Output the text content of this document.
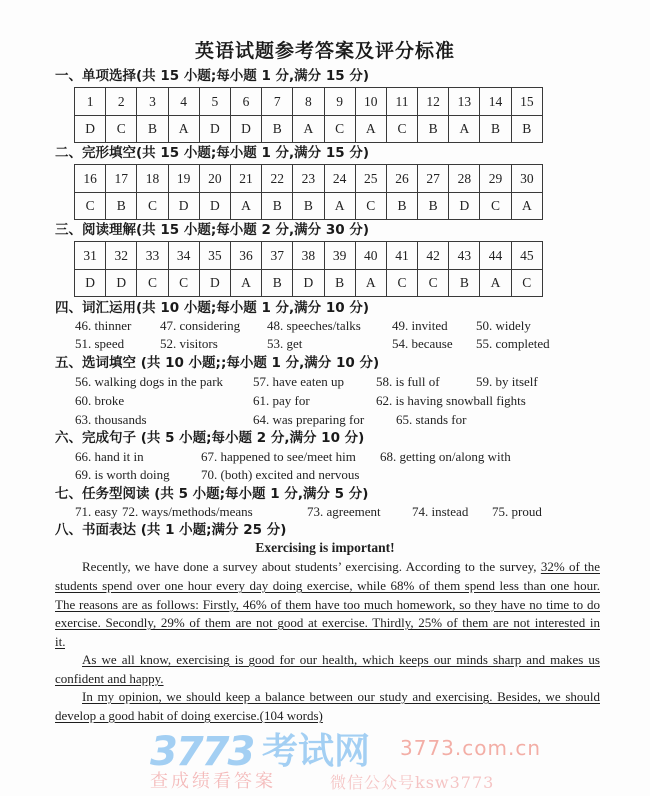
英语试题参考答案及评分标准
一、单项选择(共 15 小题;每小题 1 分,满分 15 分)
1	2	3	4	5	6	7	8	9	10	11	12	13	14	15
D	C	B	A	D	D	B	A	C	A	C	B	A	B	B
二、完形填空(共 15 小题;每小题 1 分,满分 15 分)
16	17	18	19	20	21	22	23	24	25	26	27	28	29	30
C	B	C	D	D	A	B	B	A	C	B	B	D	C	A
三、阅读理解(共 15 小题;每小题 2 分,满分 30 分)
31	32	33	34	35	36	37	38	39	40	41	42	43	44	45
D	D	C	C	D	A	B	D	B	A	C	C	B	A	C
四、词汇运用(共 10 小题;每小题 1 分,满分 10 分)
46. thinner 47. considering 48. speeches/talks 49. invited 50. widely
51. speed	52. visitors	53. get	54. because 55. completed
五、选词填空 (共 10 小题;;每小题 1 分,满分 10 分)
56. walking dogs in the park 57. have eaten up 58. is full of	59. by itself
60. broke	61. pay for	62. is having snowball fights
63. thousands	64. was preparing for 65. stands for
六、完成句子 (共 5 小题;每小题 2 分,满分 10 分)
66. hand it in	67. happened to see/meet him 68. getting on/along with
69. is worth doing 70. (both) excited and nervous
七、任务型阅读 (共 5 小题;每小题 1 分,满分 5 分)
71. easy 72. ways/methods/means	73. agreement 74. instead 75. proud
八、书面表达 (共 1 小题;满分 25 分)
Exercising is important!
Recently, we have done a survey about students’ exercising. According to the survey, 32% of the
students spend over one hour every day doing exercise, while 68% of them spend less than one hour.
The reasons are as follows: Firstly, 46% of them have too much homework, so they have no time to do
exercise. Secondly, 29% of them are not good at exercise. Thirdly, 25% of them are not interested in
it.
As we all know, exercising is good for our health, which keeps our minds sharp and makes us
confident and happy.
In my opinion, we should keep a balance between our study and exercising. Besides, we should
develop a good habit of doing exercise.(104 words)
3773 考试网 3773.com.cn
查成绩看答案	微信公众号ksw3773
